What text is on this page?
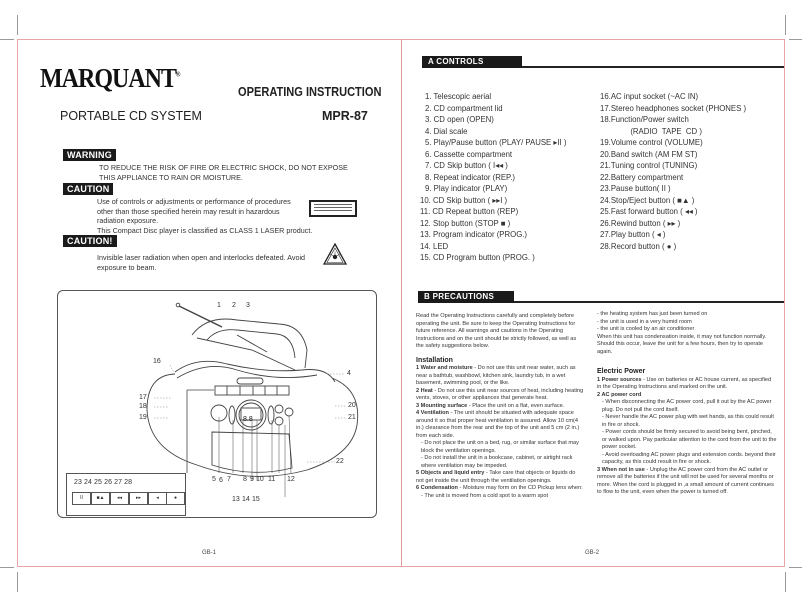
MARQUANT®
OPERATING INSTRUCTION
PORTABLE CD SYSTEM	MPR-87
WARNING
TO REDUCE THE RISK OF FIRE OR ELECTRIC SHOCK, DO NOT EXPOSE
THIS APPLIANCE TO RAIN OR MOISTURE.
CAUTION
Use of controls or adjustments or performance of procedures
other than those specified herein may result in hazardous
radiation exposure.
This Compact Disc player is classified as CLASS 1 LASER product.
CAUTION!
Invisible laser radiation when open and interlocks defeated. Avoid
exposure to beam.
8.8
1 2 3
4
16
17
18
19
20
21
22
5 6 7 8 9 10 11 12
13 14 15
23 24 25 26 27 28
II	■▲	◂◂	▸▸	◂	●
GB-1
A CONTROLS
1. Telescopic aerial
2. CD compartment lid
3. CD open (OPEN)
4. Dial scale
5. Play/Pause button (PLAY/ PAUSE ▸II )
6. Cassette compartment
7. CD Skip button ( I◂◂ )
8. Repeat indicator (REP.)
9. Play indicator (PLAY)
10. CD Skip button ( ▸▸I )
11. CD Repeat button (REP)
12. Stop button (STOP ■ )
13. Program indicator (PROG.)
14. LED
15. CD Program button (PROG. )
16.AC input socket (~AC IN)
17.Stereo headphones socket (PHONES )
18.Function/Power switch
(RADIO  TAPE  CD )
19.Volume control (VOLUME)
20.Band switch (AM FM ST)
21.Tuning control (TUNING)
22.Battery compartment
23.Pause button( II )
24.Stop/Eject button ( ■▲ )
25.Fast forward button ( ◂◂ )
26.Rewind button ( ▸▸ )
27.Play button ( ◂ )
28.Record button ( ● )
B PRECAUTIONS

Read the Operating Instructions carefully and completely before operating the unit. Be sure to keep the Operating Instructions for future reference. All warnings and cautions in the Operating Instructions and on the unit should be strictly followed, as well as the safety suggestions below.

Installation

1 Water and moisture - Do not use this unit near water, such as near a bathtub, washbowl, kitchen sink, laundry tub, in a wet basement, swimming pool, or the like.

2 Heat - Do not use this unit near sources of heat, including heating vents, stoves, or other appliances that generate heat.

3 Mounting surface - Place the unit on a flat, even surface.

4 Ventilation - The unit should be situated with adequate space around it so that proper heat ventilation is assured. Allow 10 cm(4 in.) clearance from the rear and the top of the unit and 5 cm (2 in.) from each side.

- Do not place the unit on a bed, rug, or similar surface that may block the ventilation openings.

- Do not install the unit in a bookcase, cabinet, or airtight rack where ventilation may be impeded.

5 Objects and liquid entry - Take care that objects or liquids do not get inside the unit through the ventilation openings.

6 Condensation - Moisture may form on the CD Pickup lens when:

- The unit is moved from a cold spot to a warm spot

- the heating system has just been turned on

- the unit is used in a very humid room

- the unit is cooled by an air conditioner

When this unit has condensation inside, it may not function normally. Should this occur, leave the unit for a few hours, then try to operate again.

Electric Power

1 Power sources - Use on batteries or AC house current, as specified in the Operating Instructions and marked on the unit.

2 AC power cord

- When disconnecting the AC power cord, pull it out by the AC power plug. Do not pull the cord itself.

- Never handle the AC power plug with wet hands, as this could result in fire or shock.

- Power cords should be firmly secured to avoid being bent, pinched, or walked upon. Pay particular attention to the cord from the unit to the power socket.

- Avoid overloading AC power plugs and extension cords. beyond their capacity, as this could result in fire or shock.

3 When not in use - Unplug the AC power cord from the AC outlet or remove all the batteries if the unit will not be used for several months or more. When the cord is plugged in ,a small amount of current continues to flow to the unit, even when the power is turned off.

GB-2
